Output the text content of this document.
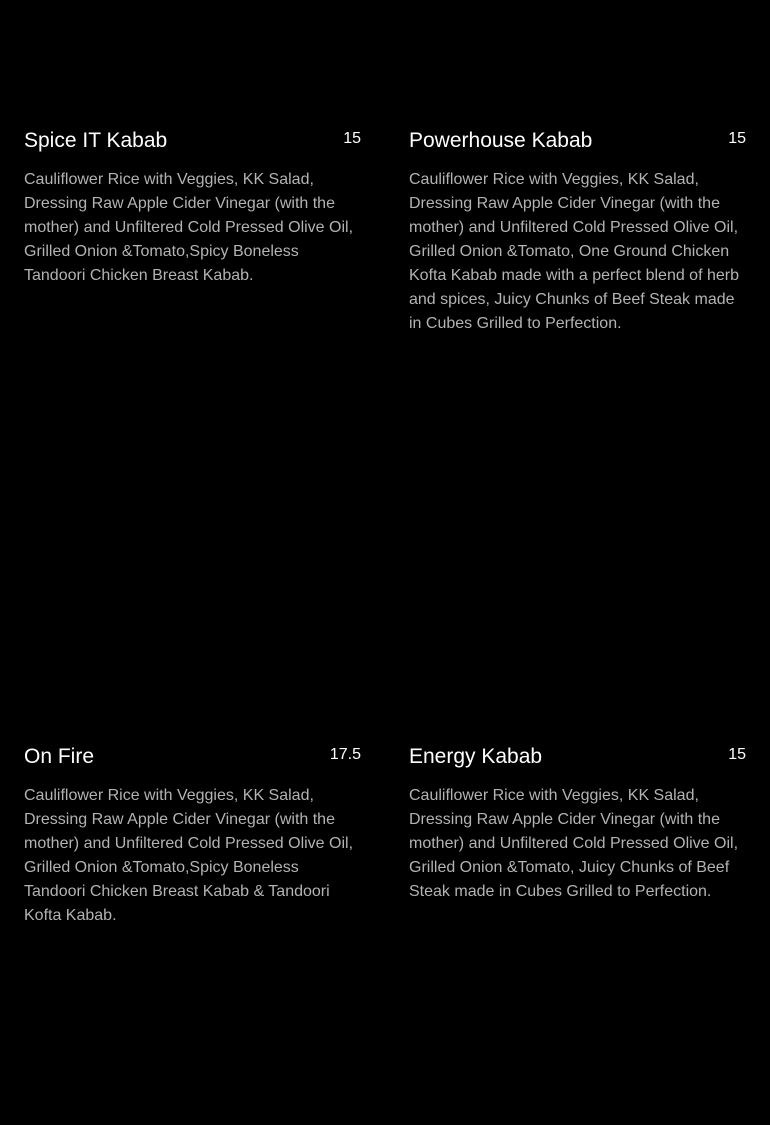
Spice IT Kabab	15
Cauliflower Rice with Veggies, KK Salad, Dressing Raw Apple Cider Vinegar (with the mother) and Unfiltered Cold Pressed Olive Oil, Grilled Onion &Tomato,Spicy Boneless Tandoori Chicken Breast Kabab.
Powerhouse Kabab	15
Cauliflower Rice with Veggies, KK Salad, Dressing Raw Apple Cider Vinegar (with the mother) and Unfiltered Cold Pressed Olive Oil, Grilled Onion &Tomato, One Ground Chicken Kofta Kabab made with a perfect blend of herb and spices, Juicy Chunks of Beef Steak made in Cubes Grilled to Perfection.
On Fire	17.5
Cauliflower Rice with Veggies, KK Salad, Dressing Raw Apple Cider Vinegar (with the mother) and Unfiltered Cold Pressed Olive Oil, Grilled Onion &Tomato,Spicy Boneless Tandoori Chicken Breast Kabab & Tandoori Kofta Kabab.
Energy Kabab	15
Cauliflower Rice with Veggies, KK Salad, Dressing Raw Apple Cider Vinegar (with the mother) and Unfiltered Cold Pressed Olive Oil, Grilled Onion &Tomato, Juicy Chunks of Beef Steak made in Cubes Grilled to Perfection.
